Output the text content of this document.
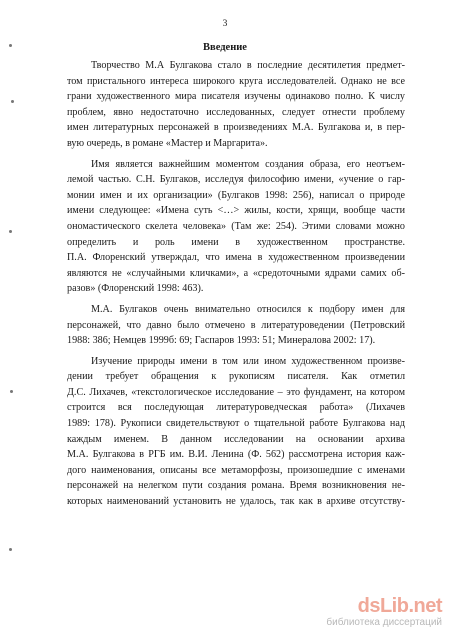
3
Введение
Творчество М.А Булгакова стало в последние десятилетия предмет-
том пристального интереса широкого круга исследователей. Однако не все
грани художественного мира писателя изучены одинаково полно. К числу
проблем, явно недостаточно исследованных, следует отнести проблему
имен литературных персонажей в произведениях М.А. Булгакова и, в пер-
вую очередь, в романе «Мастер и Маргарита».
Имя является важнейшим моментом создания образа, его неотъем-
лемой частью. С.Н. Булгаков, исследуя философию имени, «учение о гар-
монии имен и их организации» (Булгаков 1998: 256), написал о природе
имени следующее: «Имена суть <…> жилы, кости, хрящи, вообще части
ономастического скелета человека» (Там же: 254). Этими словами можно
определить и роль имени в художественном пространстве.
П.А. Флоренский утверждал, что имена в художественном произведении
являются не «случайными кличками», а «средоточными ядрами самих об-
разов» (Флоренский 1998: 463).
М.А. Булгаков очень внимательно относился к подбору имен для
персонажей, что давно было отмечено в литературоведении (Петровский
1988: 386; Немцев 1999б: 69; Гаспаров 1993: 51; Минералова 2002: 17).
Изучение природы имени в том или ином художественном произве-
дении требует обращения к рукописям писателя. Как отметил
Д.С. Лихачев, «текстологическое исследование – это фундамент, на котором
строится вся последующая литературоведческая работа» (Лихачев
1989: 178). Рукописи свидетельствуют о тщательной работе Булгакова над
каждым именем. В данном исследовании на основании архива
М.А. Булгакова в РГБ им. В.И. Ленина (Ф. 562) рассмотрена история каж-
дого наименования, описаны все метаморфозы, произошедшие с именами
персонажей на нелегком пути создания романа. Время возникновения не-
которых наименований установить не удалось, так как в архиве отсутству-
dsLib.net
библиотека диссертаций
